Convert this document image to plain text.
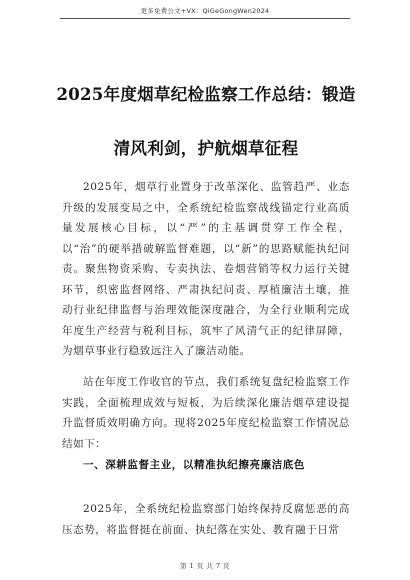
更多免费公文+VX：QiGeGongWen2024
2025年度烟草纪检监察工作总结：锻造清风利剑，护航烟草征程
2025年，烟草行业置身于改革深化、监管趋严、业态升级的发展变局之中，全系统纪检监察战线锚定行业高质量发展核心目标，以“严”的主基调贯穿工作全程，以“治”的硬举措破解监督难题，以“新”的思路赋能执纪问责。聚焦物资采购、专卖执法、卷烟营销等权力运行关键环节，织密监督网络、严肃执纪问责、厚植廉洁土壤，推动行业纪律监督与治理效能深度融合，为全行业顺利完成年度生产经营与税利目标，筑牢了风清气正的纪律屏障，为烟草事业行稳致远注入了廉洁动能。
站在年度工作收官的节点，我们系统复盘纪检监察工作实践，全面梳理成效与短板，为后续深化廉洁烟草建设提升监督质效明确方向。现将2025年度纪检监察工作情况总结如下：
一、深耕监督主业，以精准执纪擦亮廉洁底色
2025年，全系统纪检监察部门始终保持反腐惩恶的高压态势，将监督挺在前面、执纪落在实处、教育融于日常
第 1 页 共 7 页
